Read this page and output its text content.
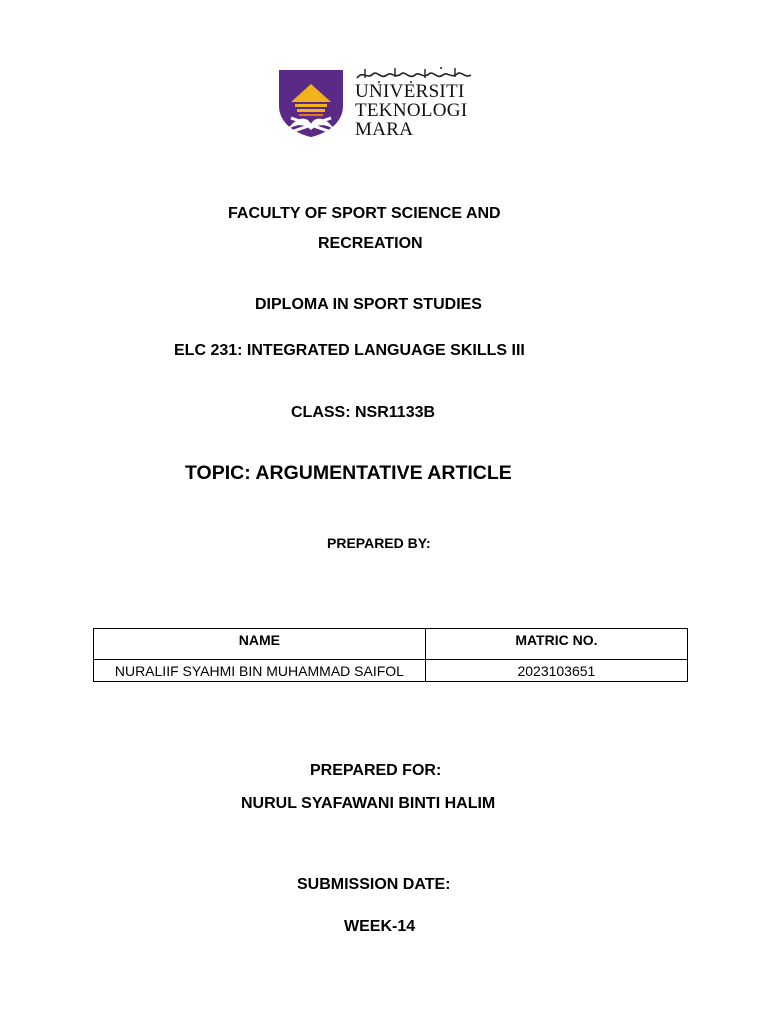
UNIVERSITI
TEKNOLOGI
MARA
FACULTY OF SPORT SCIENCE AND
RECREATION
DIPLOMA IN SPORT STUDIES
ELC 231: INTEGRATED LANGUAGE SKILLS III
CLASS: NSR1133B
TOPIC: ARGUMENTATIVE ARTICLE
PREPARED BY:
NAME	MATRIC NO.
NURALIIF SYAHMI BIN MUHAMMAD SAIFOL	2023103651
PREPARED FOR:
NURUL SYAFAWANI BINTI HALIM
SUBMISSION DATE:
WEEK-14
